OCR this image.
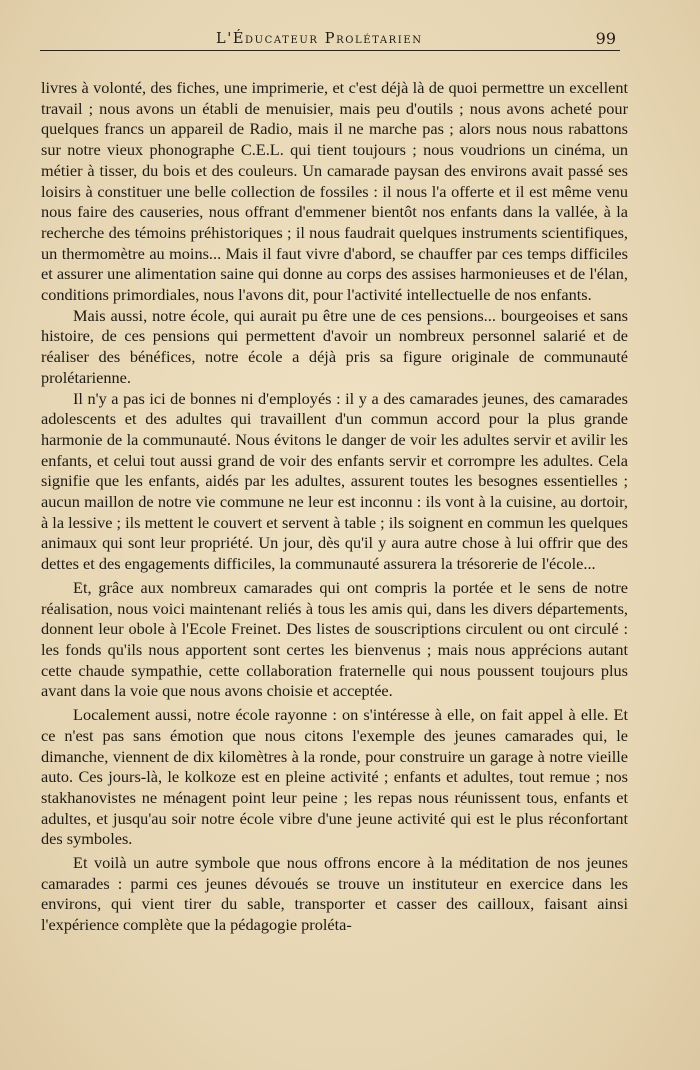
L'Éducateur Prolétarien	99

livres à volonté, des fiches, une imprimerie, et c'est déjà là de quoi permettre un excellent travail ; nous avons un établi de menuisier, mais peu d'outils ; nous avons acheté pour quelques francs un appareil de Radio, mais il ne marche pas ; alors nous nous rabattons sur notre vieux phonographe C.E.L. qui tient toujours ; nous voudrions un cinéma, un métier à tisser, du bois et des couleurs. Un camarade paysan des environs avait passé ses loisirs à constituer une belle collection de fossiles : il nous l'a offerte et il est même venu nous faire des causeries, nous offrant d'emmener bientôt nos enfants dans la vallée, à la recherche des témoins préhistoriques ; il nous faudrait quelques instruments scientifiques, un thermomètre au moins... Mais il faut vivre d'abord, se chauffer par ces temps difficiles et assurer une alimentation saine qui donne au corps des assises harmonieuses et de l'élan, conditions primordiales, nous l'avons dit, pour l'activité intellectuelle de nos enfants.

Mais aussi, notre école, qui aurait pu être une de ces pensions... bourgeoises et sans histoire, de ces pensions qui permettent d'avoir un nombreux personnel salarié et de réaliser des bénéfices, notre école a déjà pris sa figure originale de communauté prolétarienne.

Il n'y a pas ici de bonnes ni d'employés : il y a des camarades jeunes, des camarades adolescents et des adultes qui travaillent d'un commun accord pour la plus grande harmonie de la communauté. Nous évitons le danger de voir les adultes servir et avilir les enfants, et celui tout aussi grand de voir des enfants servir et corrompre les adultes. Cela signifie que les enfants, aidés par les adultes, assurent toutes les besognes essentielles ; aucun maillon de notre vie commune ne leur est inconnu : ils vont à la cuisine, au dortoir, à la lessive ; ils mettent le couvert et servent à table ; ils soignent en commun les quelques animaux qui sont leur propriété. Un jour, dès qu'il y aura autre chose à lui offrir que des dettes et des engagements difficiles, la communauté assurera la trésorerie de l'école...

Et, grâce aux nombreux camarades qui ont compris la portée et le sens de notre réalisation, nous voici maintenant reliés à tous les amis qui, dans les divers départements, donnent leur obole à l'Ecole Freinet. Des listes de souscriptions circulent ou ont circulé : les fonds qu'ils nous apportent sont certes les bienvenus ; mais nous apprécions autant cette chaude sympathie, cette collaboration fraternelle qui nous poussent toujours plus avant dans la voie que nous avons choisie et acceptée.

Localement aussi, notre école rayonne : on s'intéresse à elle, on fait appel à elle. Et ce n'est pas sans émotion que nous citons l'exemple des jeunes camarades qui, le dimanche, viennent de dix kilomètres à la ronde, pour construire un garage à notre vieille auto. Ces jours-là, le kolkoze est en pleine activité ; enfants et adultes, tout remue ; nos stakhanovistes ne ménagent point leur peine ; les repas nous réunissent tous, enfants et adultes, et jusqu'au soir notre école vibre d'une jeune activité qui est le plus réconfortant des symboles.

Et voilà un autre symbole que nous offrons encore à la méditation de nos jeunes camarades : parmi ces jeunes dévoués se trouve un instituteur en exercice dans les environs, qui vient tirer du sable, transporter et casser des cailloux, faisant ainsi l'expérience complète que la pédagogie proléta-
